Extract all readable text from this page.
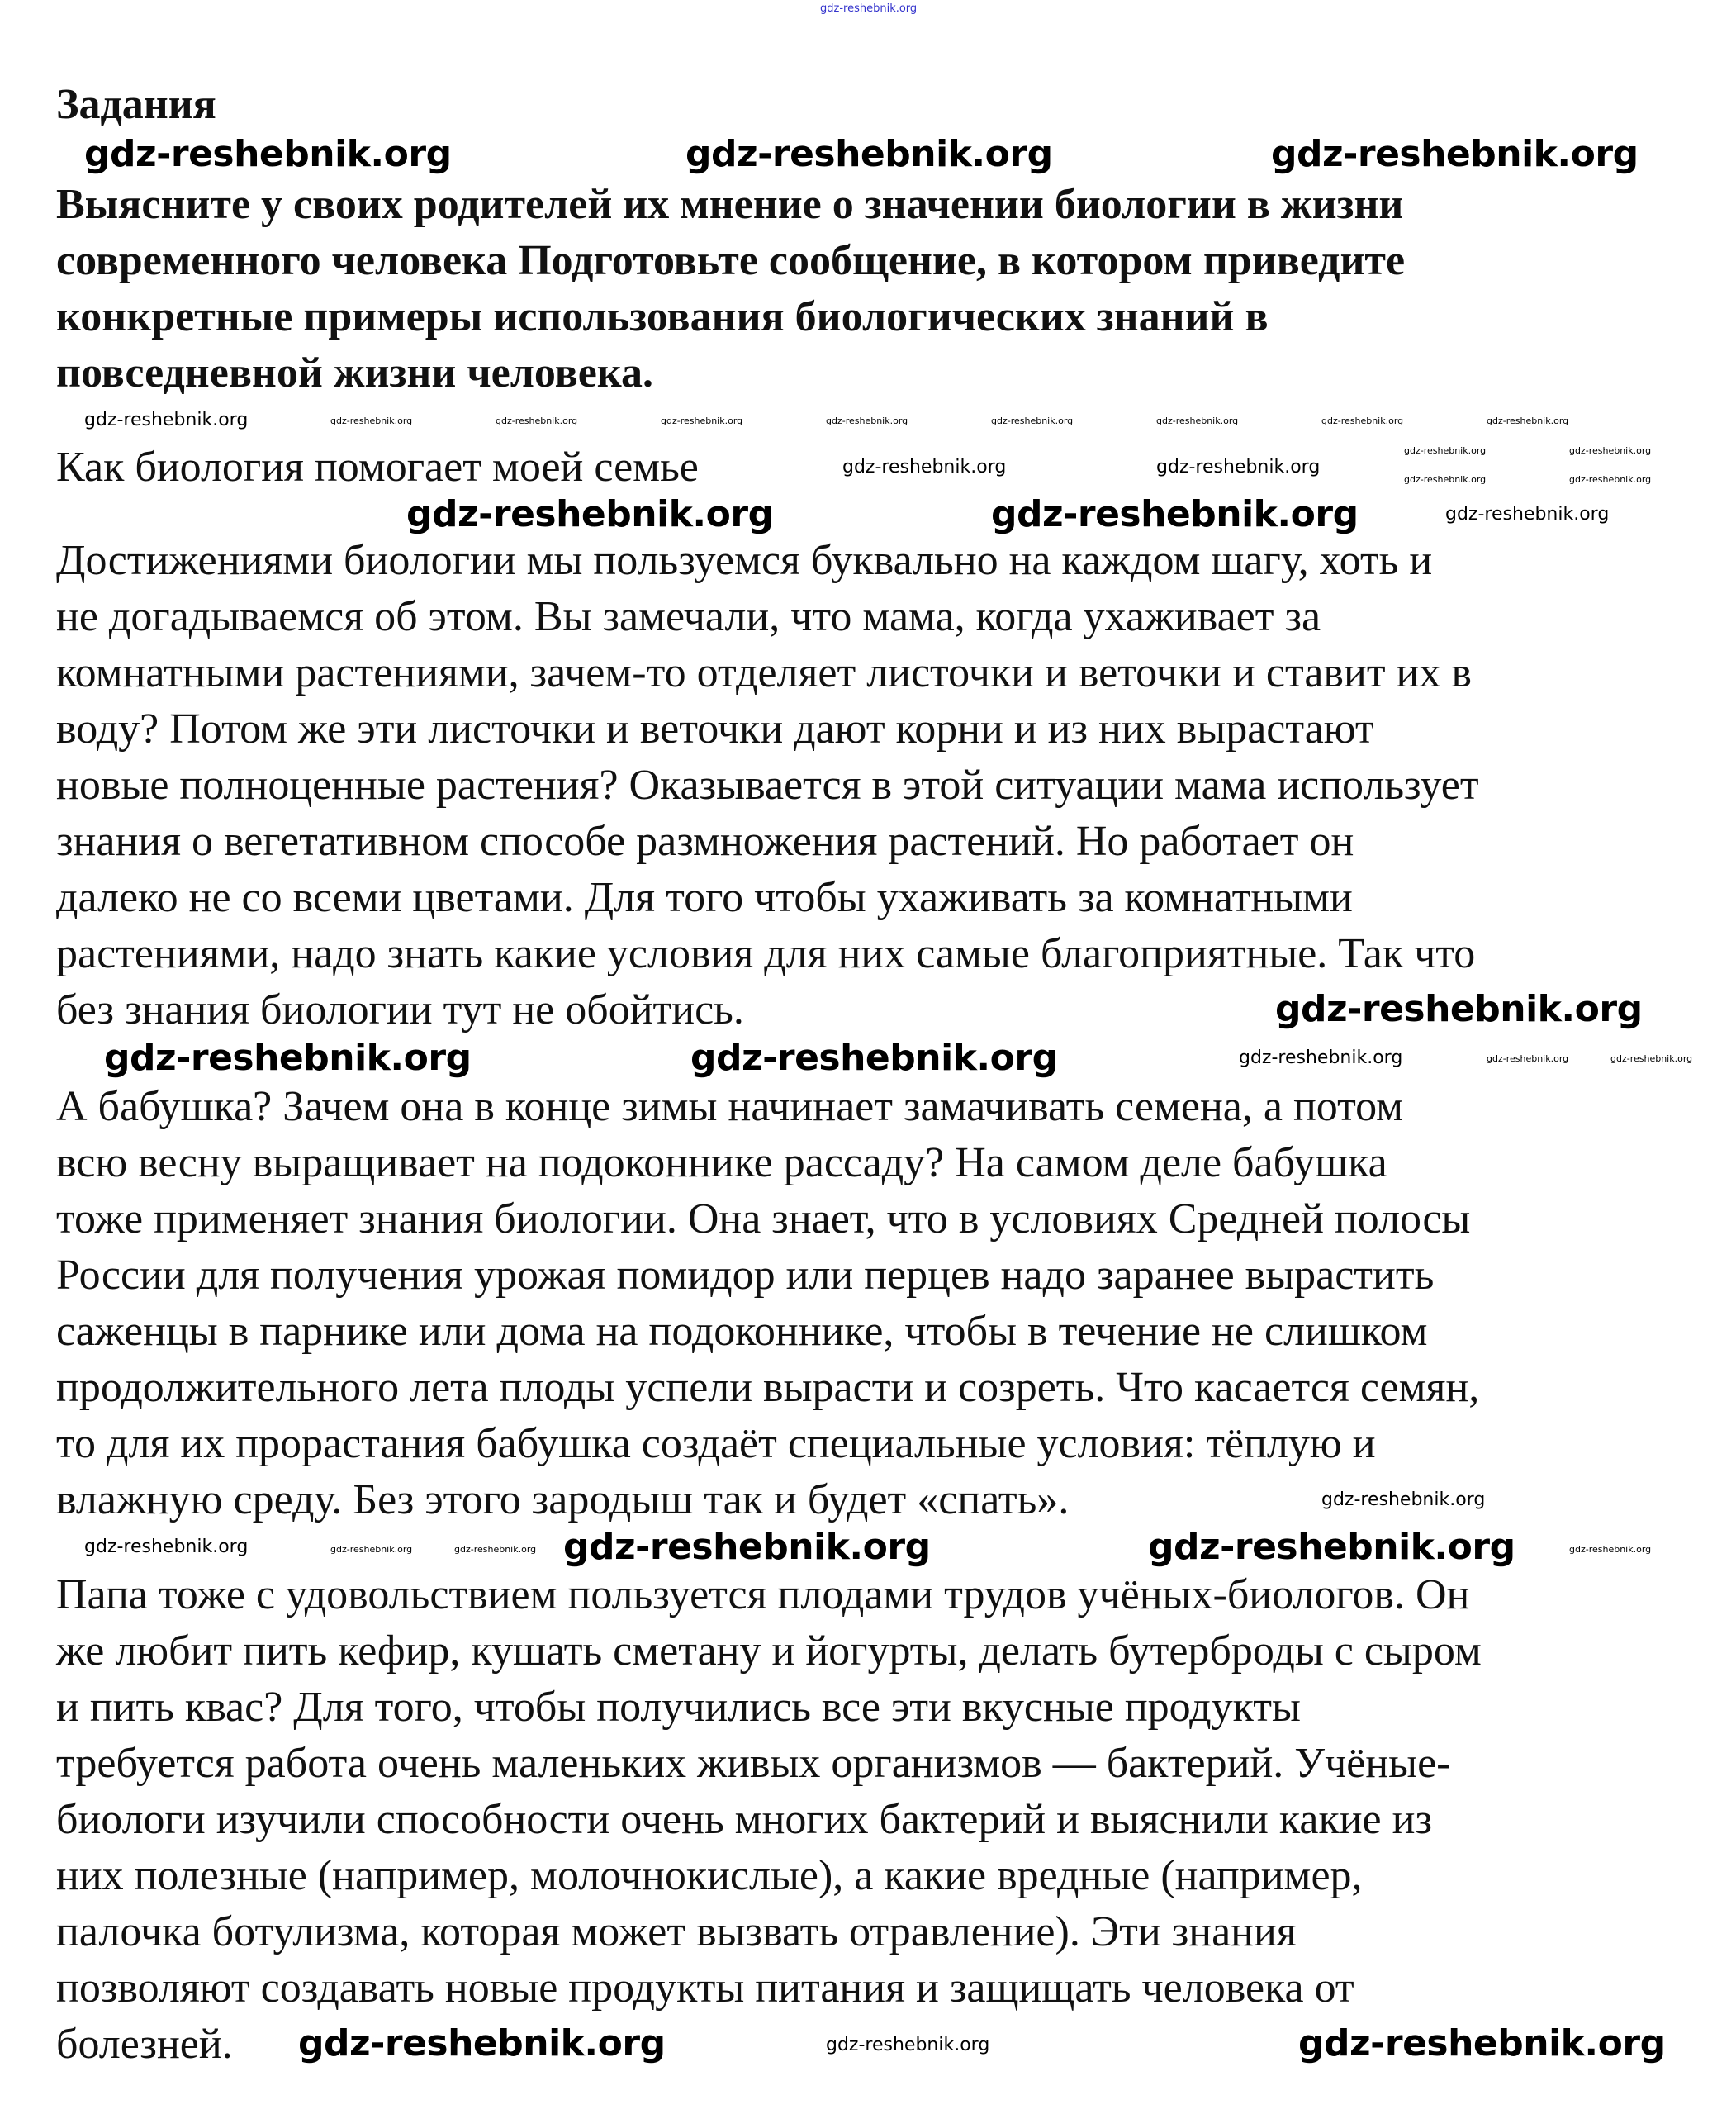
Задания
Выясните у своих родителей их мнение о значении биологии в жизни
современного человека Подготовьте сообщение, в котором приведите
конкретные примеры использования биологических знаний в
повседневной жизни человека.
Как биология помогает моей семье
Достижениями биологии мы пользуемся буквально на каждом шагу, хоть и
не догадываемся об этом. Вы замечали, что мама, когда ухаживает за
комнатными растениями, зачем-то отделяет листочки и веточки и ставит их в
воду? Потом же эти листочки и веточки дают корни и из них вырастают
новые полноценные растения? Оказывается в этой ситуации мама использует
знания о вегетативном способе размножения растений. Но работает он
далеко не со всеми цветами. Для того чтобы ухаживать за комнатными
растениями, надо знать какие условия для них самые благоприятные. Так что
без знания биологии тут не обойтись.
А бабушка? Зачем она в конце зимы начинает замачивать семена, а потом
всю весну выращивает на подоконнике рассаду? На самом деле бабушка
тоже применяет знания биологии. Она знает, что в условиях Средней полосы
России для получения урожая помидор или перцев надо заранее вырастить
саженцы в парнике или дома на подоконнике, чтобы в течение не слишком
продолжительного лета плоды успели вырасти и созреть. Что касается семян,
то для их прорастания бабушка создаёт специальные условия: тёплую и
влажную среду. Без этого зародыш так и будет «спать».
Папа тоже с удовольствием пользуется плодами трудов учёных-биологов. Он
же любит пить кефир, кушать сметану и йогурты, делать бутерброды с сыром
и пить квас? Для того, чтобы получились все эти вкусные продукты
требуется работа очень маленьких живых организмов — бактерий. Учёные-
биологи изучили способности очень многих бактерий и выяснили какие из
них полезные (например, молочнокислые), а какие вредные (например,
палочка ботулизма, которая может вызвать отравление). Эти знания
позволяют создавать новые продукты питания и защищать человека от
болезней.
gdz-reshebnik.org
gdz-reshebnik.org	gdz-reshebnik.org	gdz-reshebnik.org
gdz-reshebnik.org	gdz-reshebnik.org
gdz-reshebnik.org
gdz-reshebnik.org	gdz-reshebnik.org
gdz-reshebnik.org	gdz-reshebnik.org
gdz-reshebnik.org	gdz-reshebnik.org
gdz-reshebnik.org	gdz-reshebnik.org
gdz-reshebnik.org
gdz-reshebnik.org
gdz-reshebnik.org
gdz-reshebnik.org
gdz-reshebnik.org
gdz-reshebnik.org	gdz-reshebnik.org	gdz-reshebnik.org	gdz-reshebnik.org	gdz-reshebnik.org	gdz-reshebnik.org	gdz-reshebnik.org	gdz-reshebnik.org	gdz-reshebnik.org
gdz-reshebnik.org	gdz-reshebnik.org
gdz-reshebnik.org	gdz-reshebnik.org
gdz-reshebnik.org	gdz-reshebnik.org	gdz-reshebnik.org
gdz-reshebnik.org	gdz-reshebnik.org
